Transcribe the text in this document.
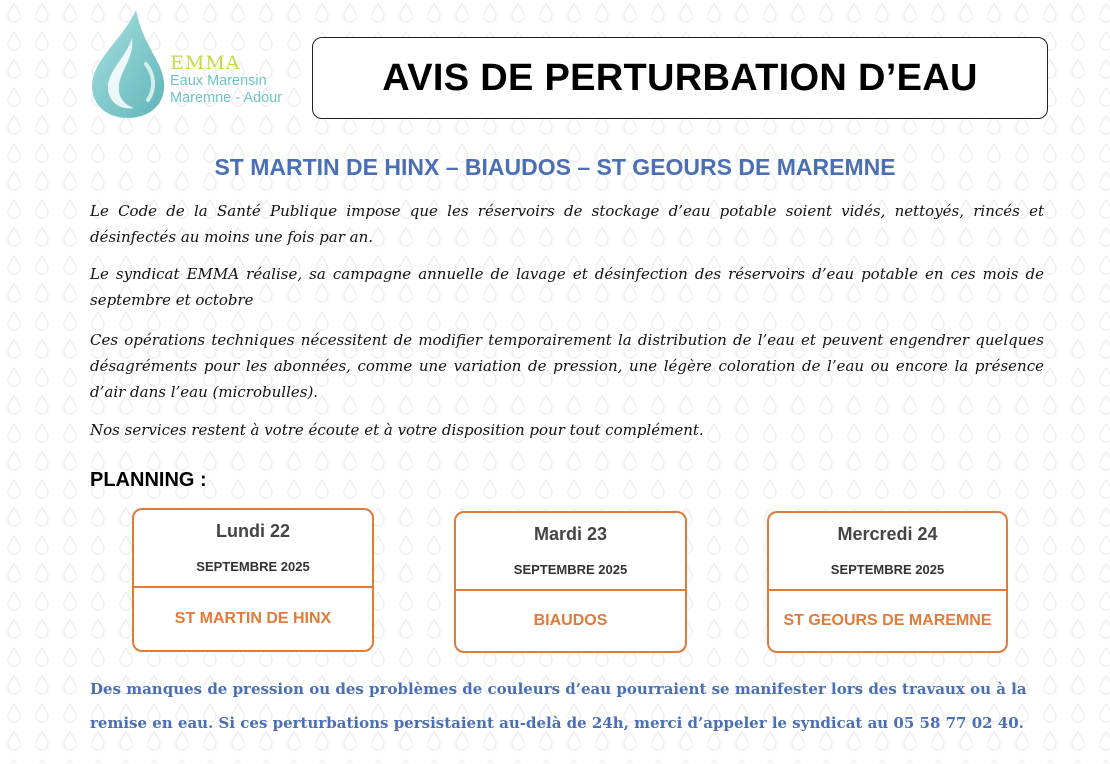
EMMA
Eaux Marensin
Maremne - Adour	AVIS DE PERTURBATION D’EAU
ST MARTIN DE HINX – BIAUDOS – ST GEOURS DE MAREMNE

Le Code de la Santé Publique impose que les réservoirs de stockage d’eau potable soient vidés, nettoyés, rincés et désinfectés au moins une fois par an.

Le syndicat EMMA réalise, sa campagne annuelle de lavage et désinfection des réservoirs d’eau potable en ces mois de septembre et octobre

Ces opérations techniques nécessitent de modifier temporairement la distribution de l’eau et peuvent engendrer quelques désagréments pour les abonnées, comme une variation de pression, une légère coloration de l’eau ou encore la présence d’air dans l’eau (microbulles).

Nos services restent à votre écoute et à votre disposition pour tout complément.

PLANNING :
Lundi 22
SEPTEMBRE 2025
ST MARTIN DE HINX
Mardi 23
SEPTEMBRE 2025
BIAUDOS
Mercredi 24
SEPTEMBRE 2025
ST GEOURS DE MAREMNE

Des manques de pression ou des problèmes de couleurs d’eau pourraient se manifester lors des travaux ou à la remise en eau. Si ces perturbations persistaient au-delà de 24h, merci d’appeler le syndicat au 05 58 77 02 40.
